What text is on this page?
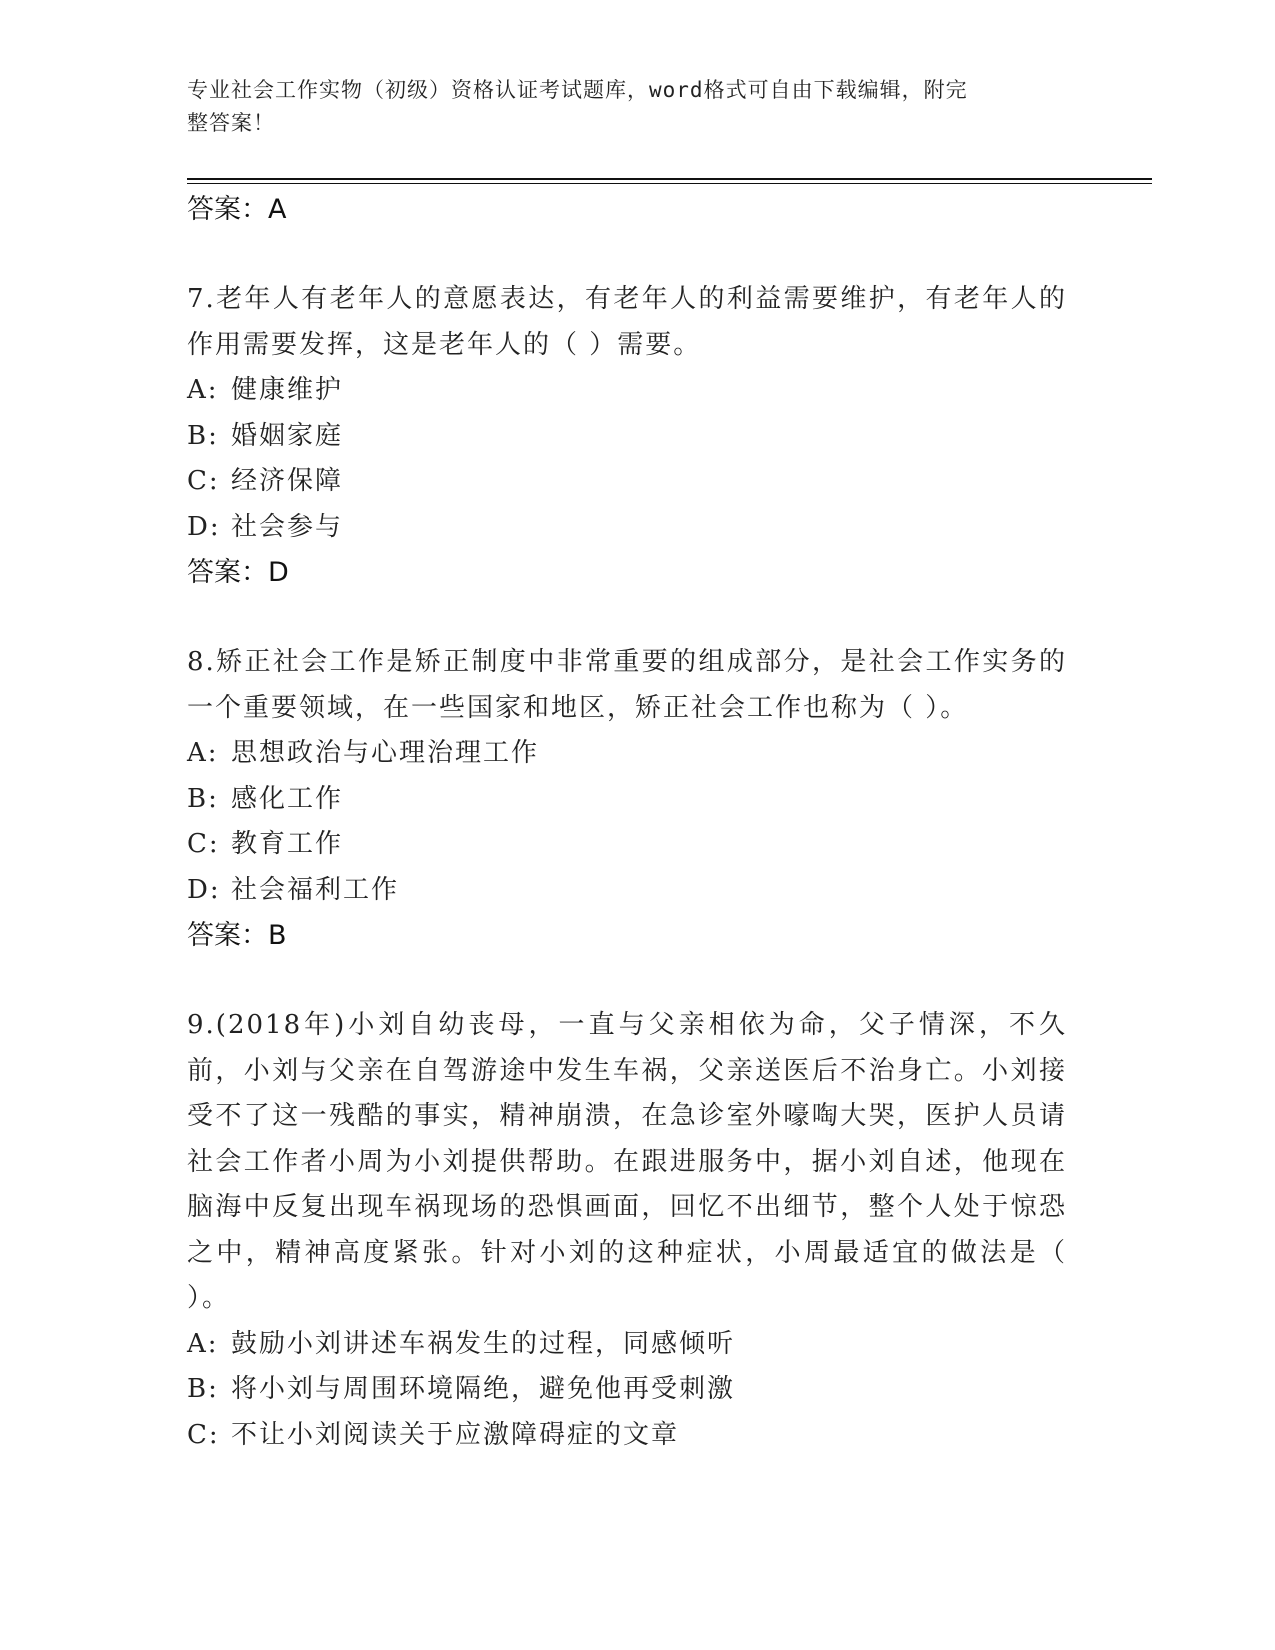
专业社会工作实物（初级）资格认证考试题库，word格式可自由下载编辑，附完
整答案！
答案：A
7.老年人有老年人的意愿表达，有老年人的利益需要维护，有老年人的作用需要发挥，这是老年人的（ ）需要。
A: 健康维护
B: 婚姻家庭
C: 经济保障
D: 社会参与
答案：D
8.矫正社会工作是矫正制度中非常重要的组成部分，是社会工作实务的一个重要领域，在一些国家和地区，矫正社会工作也称为（ ）。
A: 思想政治与心理治理工作
B: 感化工作
C: 教育工作
D: 社会福利工作
答案：B
9.(2018年)小刘自幼丧母，一直与父亲相依为命，父子情深，不久前，小刘与父亲在自驾游途中发生车祸，父亲送医后不治身亡。小刘接受不了这一残酷的事实，精神崩溃，在急诊室外嚎啕大哭，医护人员请社会工作者小周为小刘提供帮助。在跟进服务中，据小刘自述，他现在脑海中反复出现车祸现场的恐惧画面，回忆不出细节，整个人处于惊恐之中，精神高度紧张。针对小刘的这种症状，小周最适宜的做法是（ ）。
A: 鼓励小刘讲述车祸发生的过程，同感倾听
B: 将小刘与周围环境隔绝，避免他再受刺激
C: 不让小刘阅读关于应激障碍症的文章
